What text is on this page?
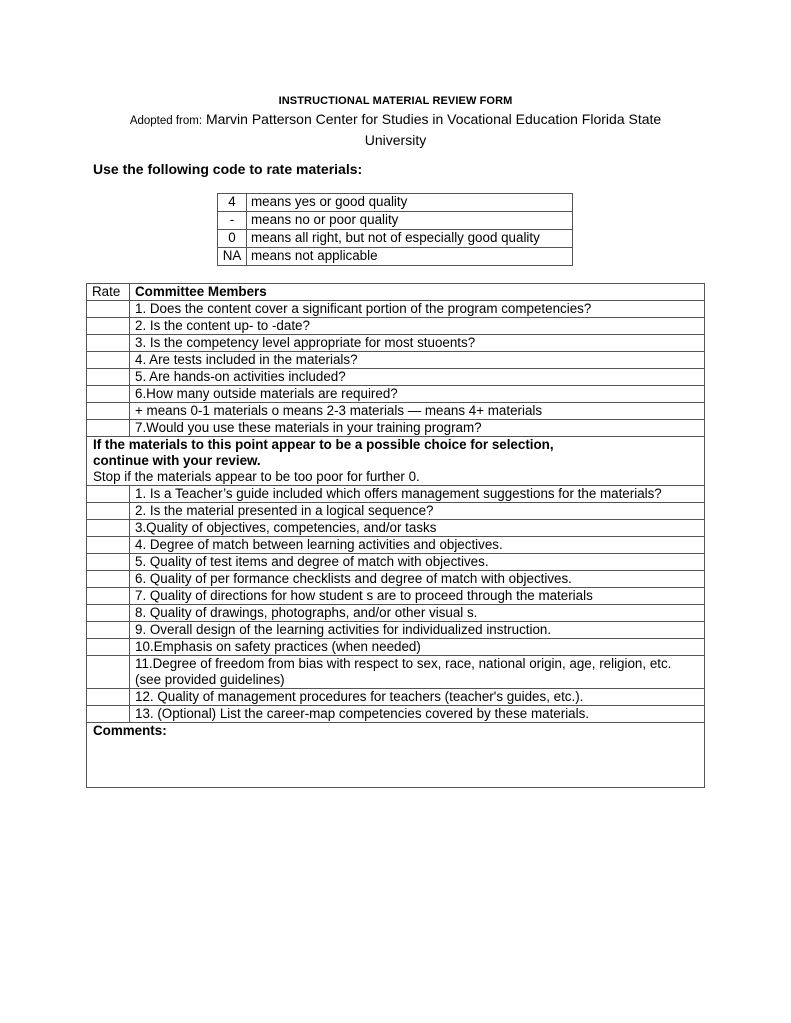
INSTRUCTIONAL MATERIAL REVIEW FORM
Adopted from: Marvin Patterson Center for Studies in Vocational Education Florida State University
Use the following code to rate materials:
4	means yes or good quality
-	means no or poor quality
0	means all right, but not of especially good quality
NA	means not applicable
Rate	Committee Members
	1. Does the content cover a significant portion of the program competencies?
	2. Is the content up- to -date?
	3. Is the competency level appropriate for most stuoents?
	4. Are tests included in the materials?
	5. Are hands-on activities included?
	6.How many outside materials are required?
	+ means 0-1 materials o means 2-3 materials — means 4+ materials
	7.Would you use these materials in your training program?

If the materials to this point appear to be a possible choice for selection,
continue with your review.
Stop if the materials appear to be too poor for further 0.	

	1. Is a Teacher’s guide included which offers management suggestions for the materials?
	2. Is the material presented in a logical sequence?
	3.Quality of objectives, competencies, and/or tasks
	4. Degree of match between learning activities and objectives.
	5. Quality of test items and degree of match with objectives.
	6. Quality of per formance checklists and degree of match with objectives.
	7. Quality of directions for how student s are to proceed through the materials
	8. Quality of drawings, photographs, and/or other visual s.
	9. Overall design of the learning activities for individualized instruction.
	10.Emphasis on safety practices (when needed)
	11.Degree of freedom from bias with respect to sex, race, national origin, age, religion, etc. (see provided guidelines)
	12. Quality of management procedures for teachers (teacher's guides, etc.).
	13. (Optional) List the career-map competencies covered by these materials.
Comments:	
